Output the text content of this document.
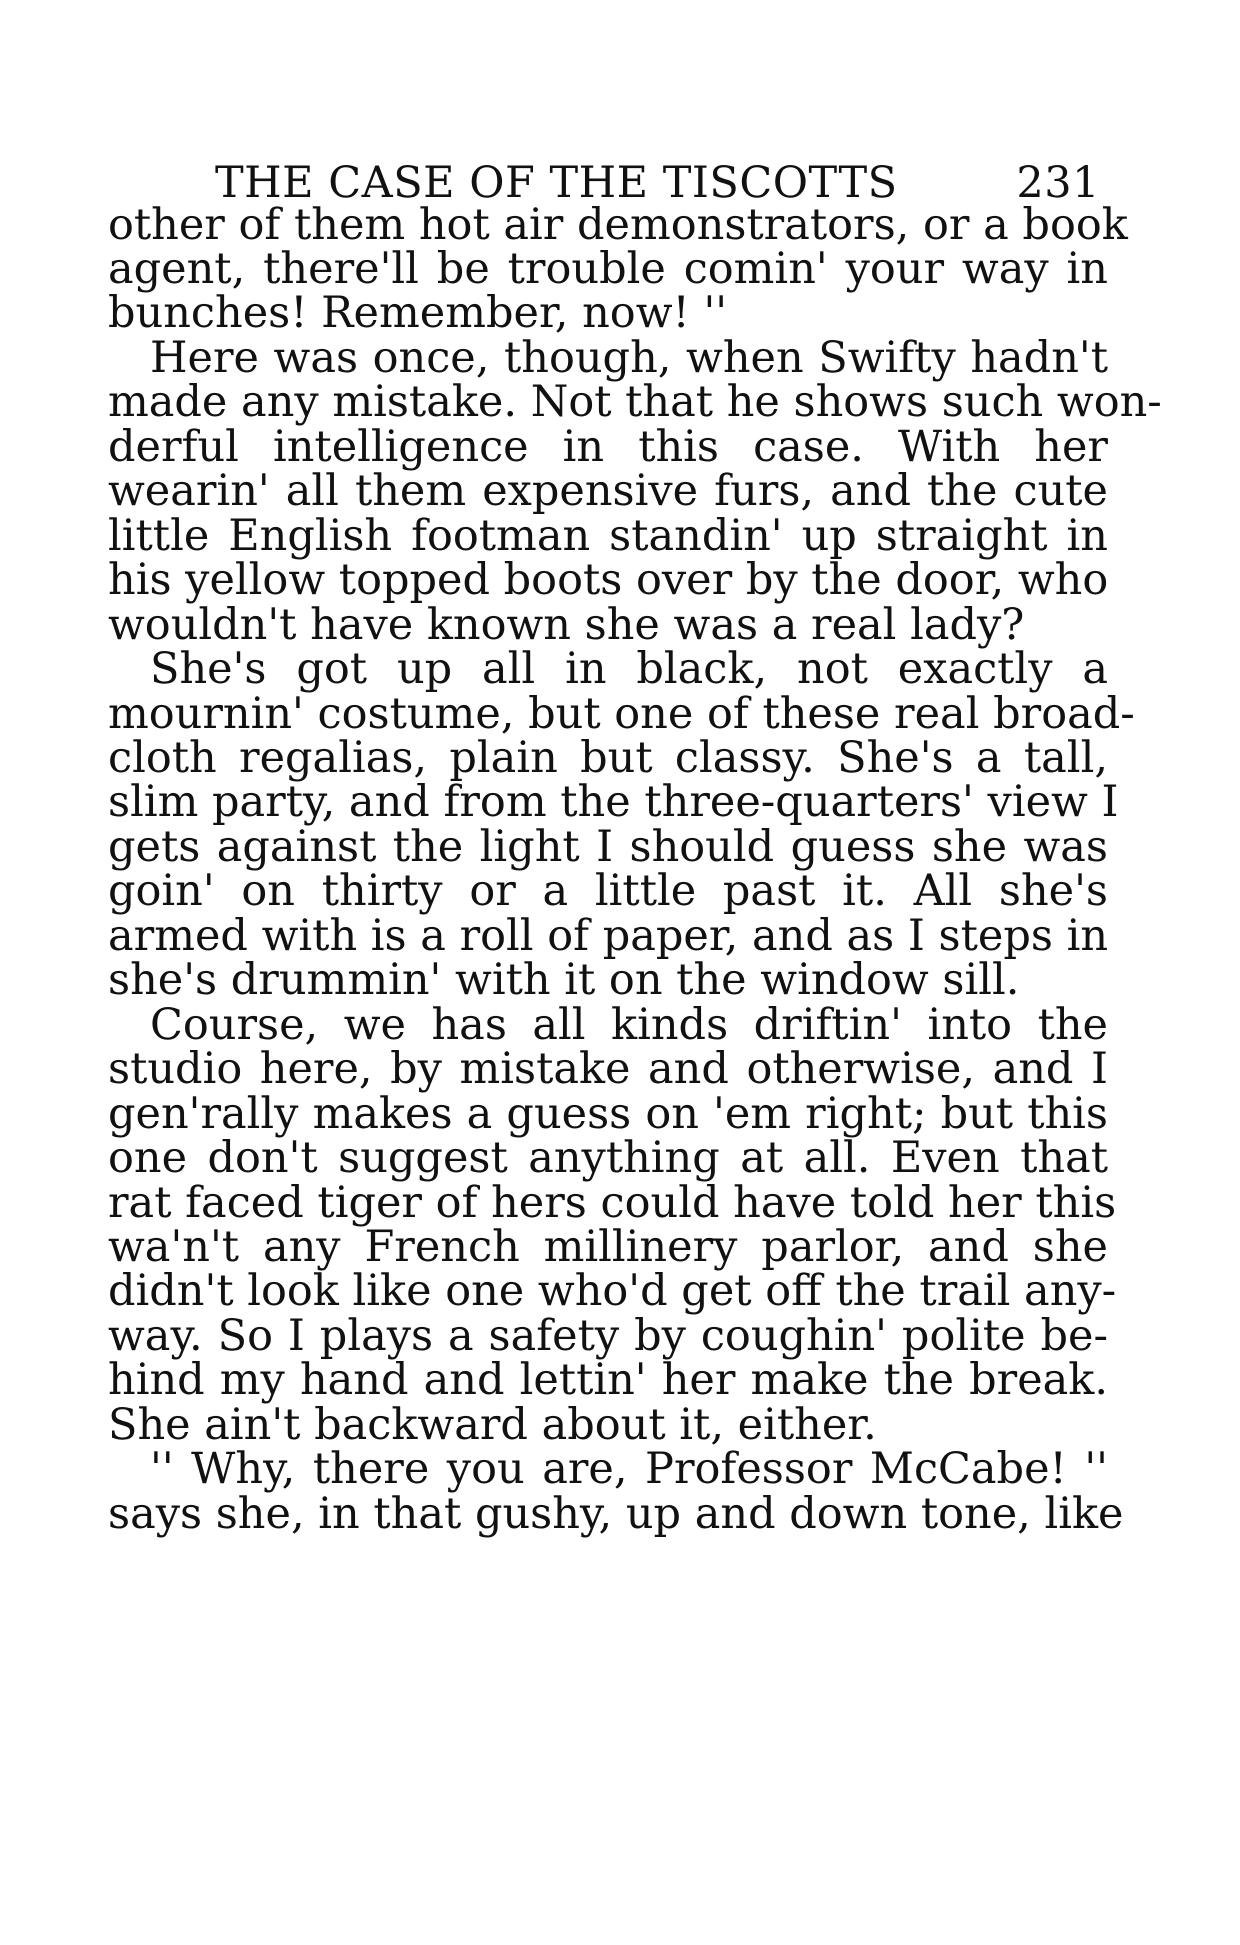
THE CASE OF THE TISCOTTS	231
other of them hot air demonstrators, or a book
agent, there'll be trouble comin' your way in
bunches! Remember, now! ''
Here was once, though, when Swifty hadn't
made any mistake. Not that he shows such won-
derful intelligence in this case. With her
wearin' all them expensive furs, and the cute
little English footman standin' up straight in
his yellow topped boots over by the door, who
wouldn't have known she was a real lady?
She's got up all in black, not exactly a
mournin' costume, but one of these real broad-
cloth regalias, plain but classy. She's a tall,
slim party, and from the three-quarters' view I
gets against the light I should guess she was
goin' on thirty or a little past it. All she's
armed with is a roll of paper, and as I steps in
she's drummin' with it on the window sill.
Course, we has all kinds driftin' into the
studio here, by mistake and otherwise, and I
gen'rally makes a guess on 'em right; but this
one don't suggest anything at all. Even that
rat faced tiger of hers could have told her this
wa'n't any French millinery parlor, and she
didn't look like one who'd get off the trail any-
way. So I plays a safety by coughin' polite be-
hind my hand and lettin' her make the break.
She ain't backward about it, either.
'' Why, there you are, Professor McCabe! ''
says she, in that gushy, up and down tone, like
